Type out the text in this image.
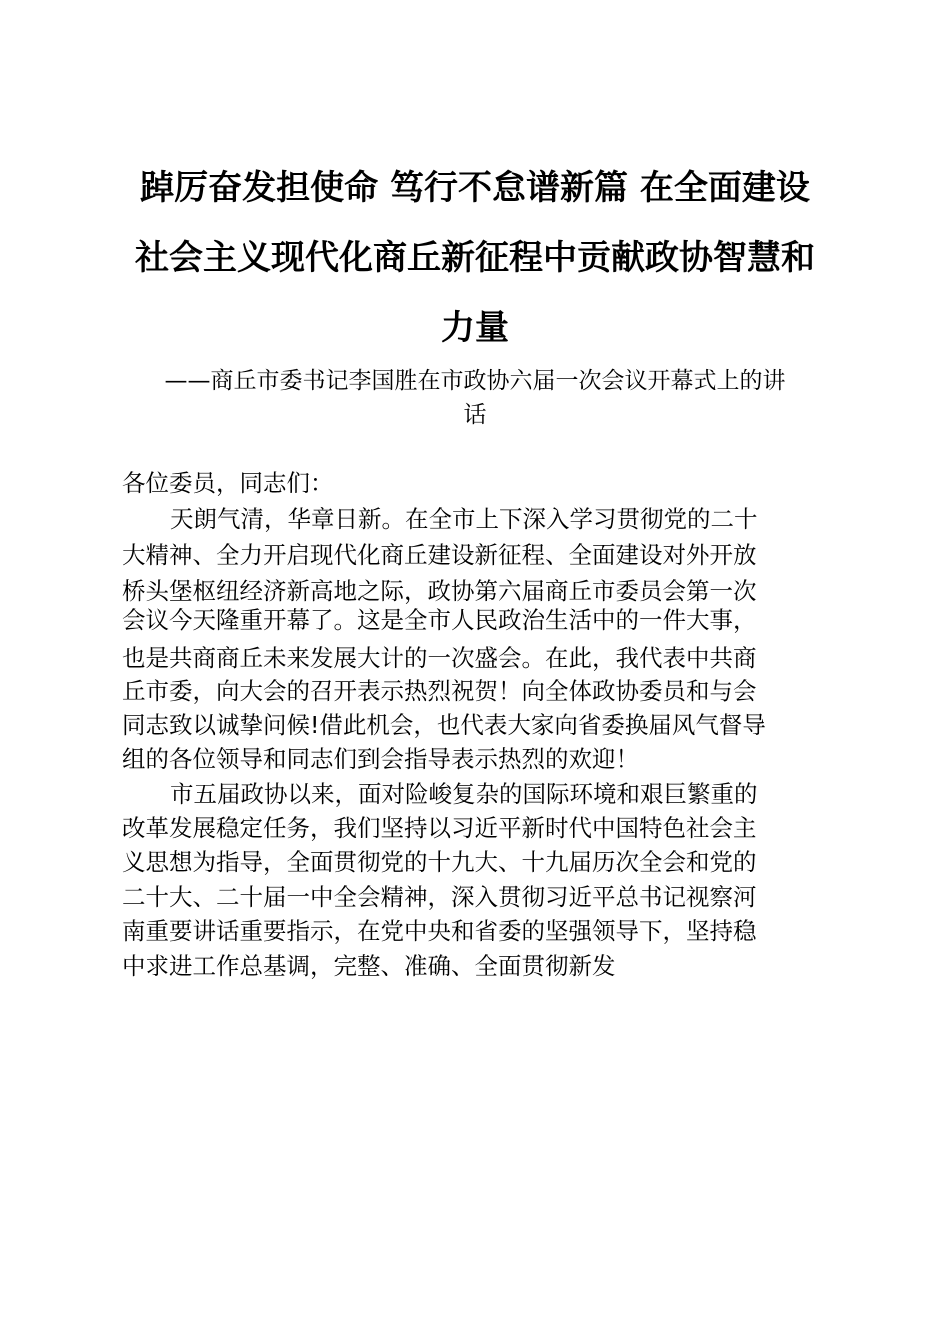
踔厉奋发担使命 笃行不怠谱新篇 在全面建设
社会主义现代化商丘新征程中贡献政协智慧和
力量
——商丘市委书记李国胜在市政协六届一次会议开幕式上的讲
话
各位委员，同志们：
天朗气清，华章日新。在全市上下深入学习贯彻党的二十
大精神、全力开启现代化商丘建设新征程、全面建设对外开放
桥头堡枢纽经济新高地之际，政协第六届商丘市委员会第一次
会议今天隆重开幕了。这是全市人民政治生活中的一件大事，
也是共商商丘未来发展大计的一次盛会。在此，我代表中共商
丘市委，向大会的召开表示热烈祝贺！向全体政协委员和与会
同志致以诚挚问候!借此机会，也代表大家向省委换届风气督导
组的各位领导和同志们到会指导表示热烈的欢迎！
市五届政协以来，面对险峻复杂的国际环境和艰巨繁重的
改革发展稳定任务，我们坚持以习近平新时代中国特色社会主
义思想为指导，全面贯彻党的十九大、十九届历次全会和党的
二十大、二十届一中全会精神，深入贯彻习近平总书记视察河
南重要讲话重要指示，在党中央和省委的坚强领导下，坚持稳
中求进工作总基调，完整、准确、全面贯彻新发
